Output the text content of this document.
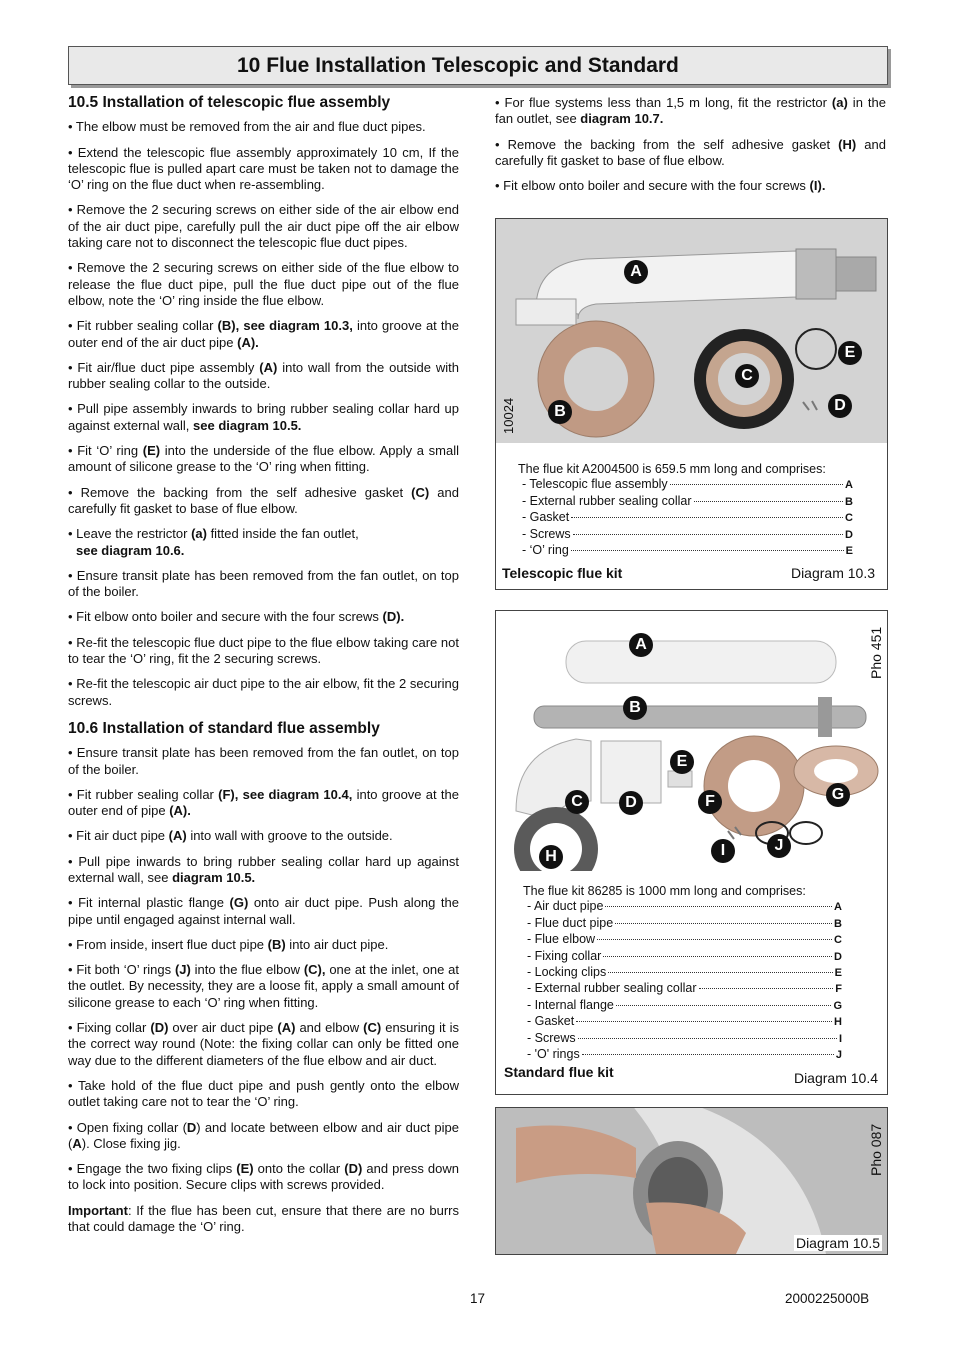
10 Flue Installation Telescopic and Standard
10.5 Installation of telescopic flue assembly

• The elbow must be removed from the air and flue duct pipes.

• Extend the telescopic flue assembly approximately 10 cm, If the telescopic flue is pulled apart care must be taken not to damage the ‘O’ ring on the flue duct when re-assembling.

• Remove the 2 securing screws on either side of the air elbow end of the air duct pipe, carefully pull the air duct pipe off the air elbow taking care not to disconnect the telescopic flue duct pipes.

• Remove the 2 securing screws on either side of the flue elbow to release the flue duct pipe, pull the flue duct pipe out of the flue elbow, note the ‘O’ ring inside the flue elbow.

• Fit rubber sealing collar (B), see diagram 10.3, into groove at the outer end of the air duct pipe (A).

• Fit air/flue duct pipe assembly (A) into wall from the outside with rubber sealing collar to the outside.

• Pull pipe assembly inwards to bring rubber sealing collar hard up against external wall, see diagram 10.5.

• Fit ‘O’ ring (E) into the underside of the flue elbow. Apply a small amount of silicone grease to the ‘O’ ring when fitting.

• Remove the backing from the self adhesive gasket (C) and carefully fit gasket to base of flue elbow.

• Leave the restrictor (a) fitted inside the fan outlet,
see diagram 10.6.

• Ensure transit plate has been removed from the fan outlet, on top of the boiler.

• Fit elbow onto boiler and secure with the four screws (D).

• Re-fit the telescopic flue duct pipe to the flue elbow taking care not to tear the ‘O’ ring, fit the 2 securing screws.

• Re-fit the telescopic air duct pipe to the air elbow, fit the 2 securing screws.

10.6 Installation of standard flue assembly

• Ensure transit plate has been removed from the fan outlet, on top of the boiler.

• Fit rubber sealing collar (F), see diagram 10.4, into groove at the outer end of pipe (A).

• Fit air duct pipe (A) into wall with groove to the outside.

• Pull pipe inwards to bring rubber sealing collar hard up against external wall, see diagram 10.5.

• Fit internal plastic flange (G) onto air duct pipe. Push along the pipe until engaged against internal wall.

• From inside, insert flue duct pipe (B) into air duct pipe.

• Fit both ‘O’ rings (J) into the flue elbow (C), one at the inlet, one at the outlet. By necessity, they are a loose fit, apply a small amount of silicone grease to each ‘O’ ring when fitting.

• Fixing collar (D) over air duct pipe (A) and elbow (C) ensuring it is the correct way round (Note: the fixing collar can only be fitted one way due to the different diameters of the flue elbow and air duct.

• Take hold of the flue duct pipe and push gently onto the elbow outlet taking care not to tear the ‘O’ ring.

• Open fixing collar (D) and locate between elbow and air duct pipe (A). Close fixing jig.

• Engage the two fixing clips (E) onto the collar (D) and press down to lock into position. Secure clips with screws provided.

Important: If the flue has been cut, ensure that there are no burrs that could damage the ‘O’ ring.

• For flue systems less than 1,5 m long, fit the restrictor (a) in the fan outlet, see diagram 10.7.

• Remove the backing from the self adhesive gasket (H) and carefully fit gasket to base of flue elbow.

• Fit elbow onto boiler and secure with the four screws (I).

A
B
C
D
E
10024
The flue kit A2004500 is 659.5 mm long and comprises:
- Telescopic flue assembly	A
- External rubber sealing collar	B
- Gasket	C
- Screws	D
- ‘O’ ring	E
Telescopic flue kit	Diagram 10.3
A
B
E
C	D	F	G
H	I	J
Pho 451
The flue kit 86285 is 1000 mm long and comprises:
- Air duct pipe	A
- Flue duct pipe	B
- Flue elbow	C
- Fixing collar	D
- Locking clips	E
- External rubber sealing collar	F
- Internal flange	G
- Gasket	H
- Screws	I
- 'O' rings	J
Standard flue kit	Diagram 10.4
Pho 087
Diagram 10.5
17	2000225000B
